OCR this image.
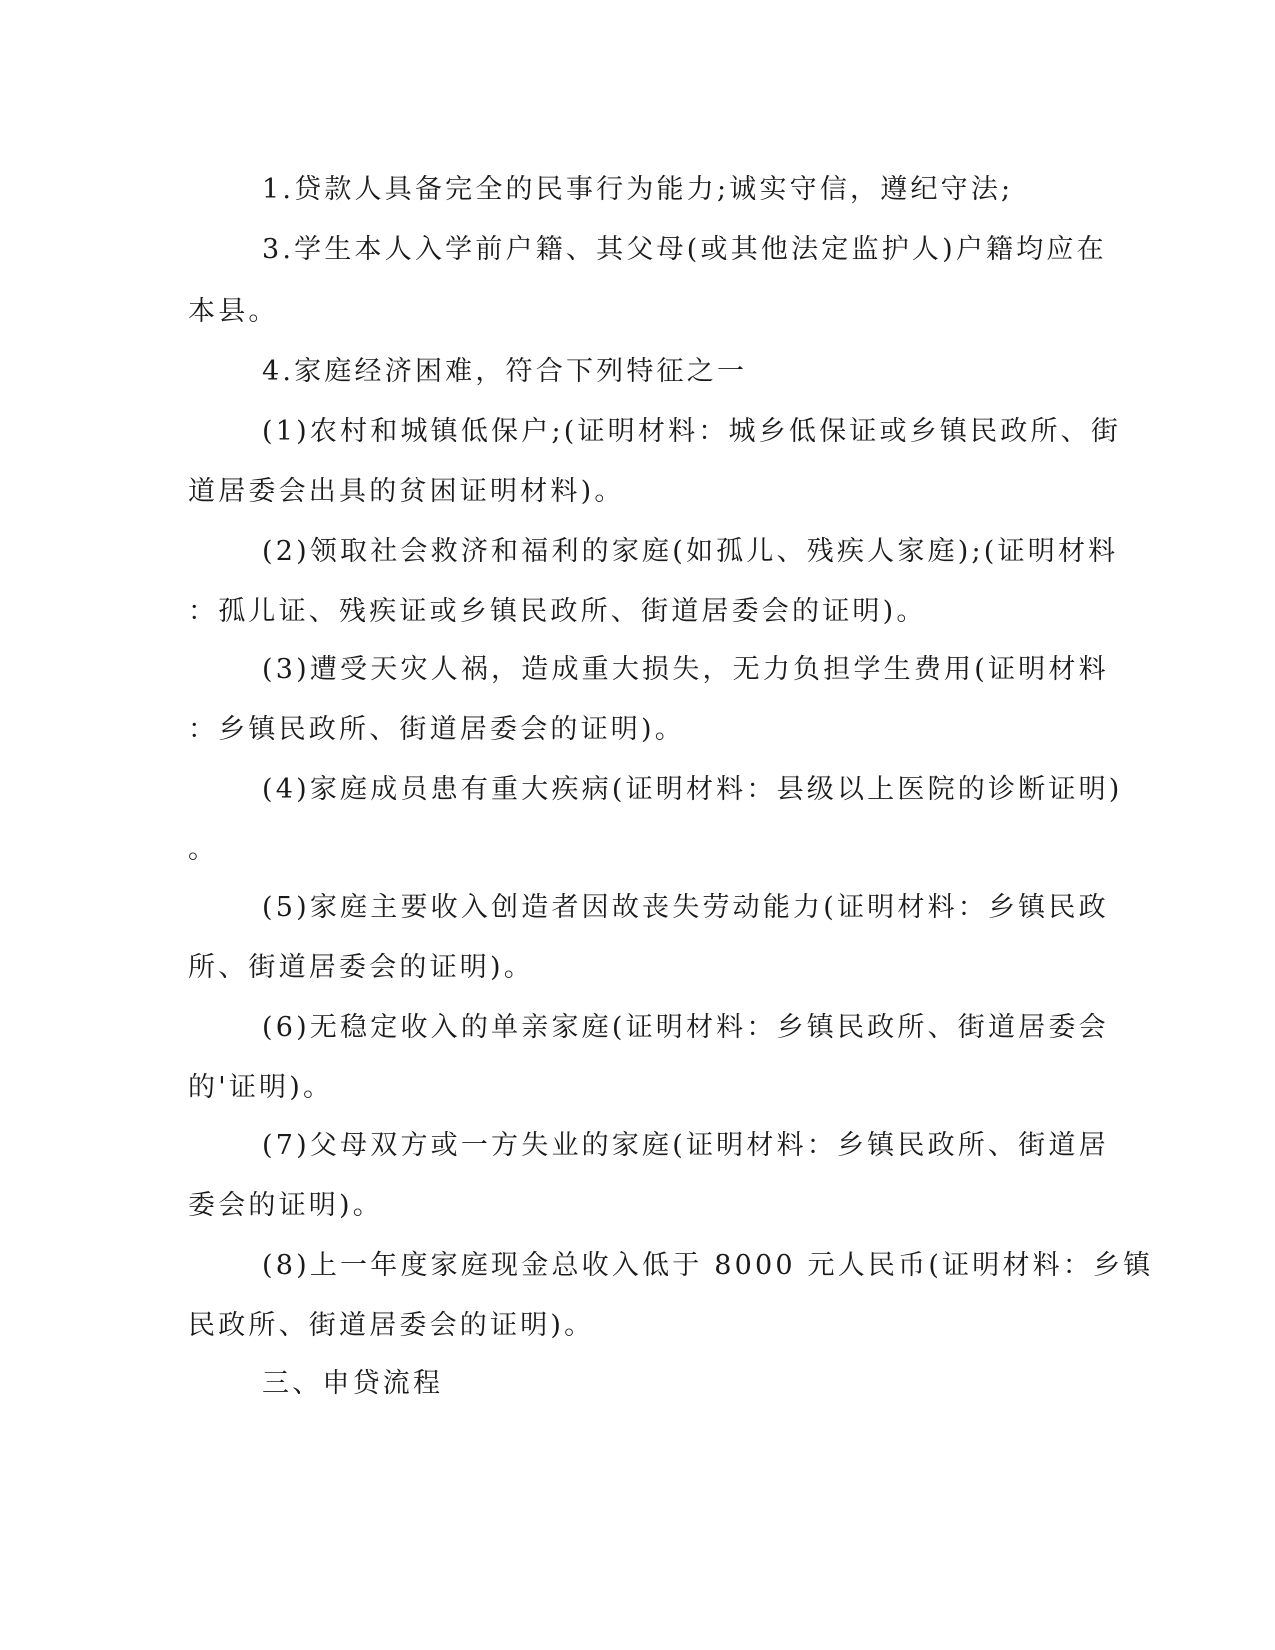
1.贷款人具备完全的民事行为能力;诚实守信，遵纪守法;
3.学生本人入学前户籍、其父母(或其他法定监护人)户籍均应在
本县。
4.家庭经济困难，符合下列特征之一
(1)农村和城镇低保户;(证明材料：城乡低保证或乡镇民政所、街
道居委会出具的贫困证明材料)。
(2)领取社会救济和福利的家庭(如孤儿、残疾人家庭);(证明材料
：孤儿证、残疾证或乡镇民政所、街道居委会的证明)。
(3)遭受天灾人祸，造成重大损失，无力负担学生费用(证明材料
：乡镇民政所、街道居委会的证明)。
(4)家庭成员患有重大疾病(证明材料：县级以上医院的诊断证明)
。
(5)家庭主要收入创造者因故丧失劳动能力(证明材料：乡镇民政
所、街道居委会的证明)。
(6)无稳定收入的单亲家庭(证明材料：乡镇民政所、街道居委会
的'证明)。
(7)父母双方或一方失业的家庭(证明材料：乡镇民政所、街道居
委会的证明)。
(8)上一年度家庭现金总收入低于 8000 元人民币(证明材料：乡镇
民政所、街道居委会的证明)。
三、申贷流程
